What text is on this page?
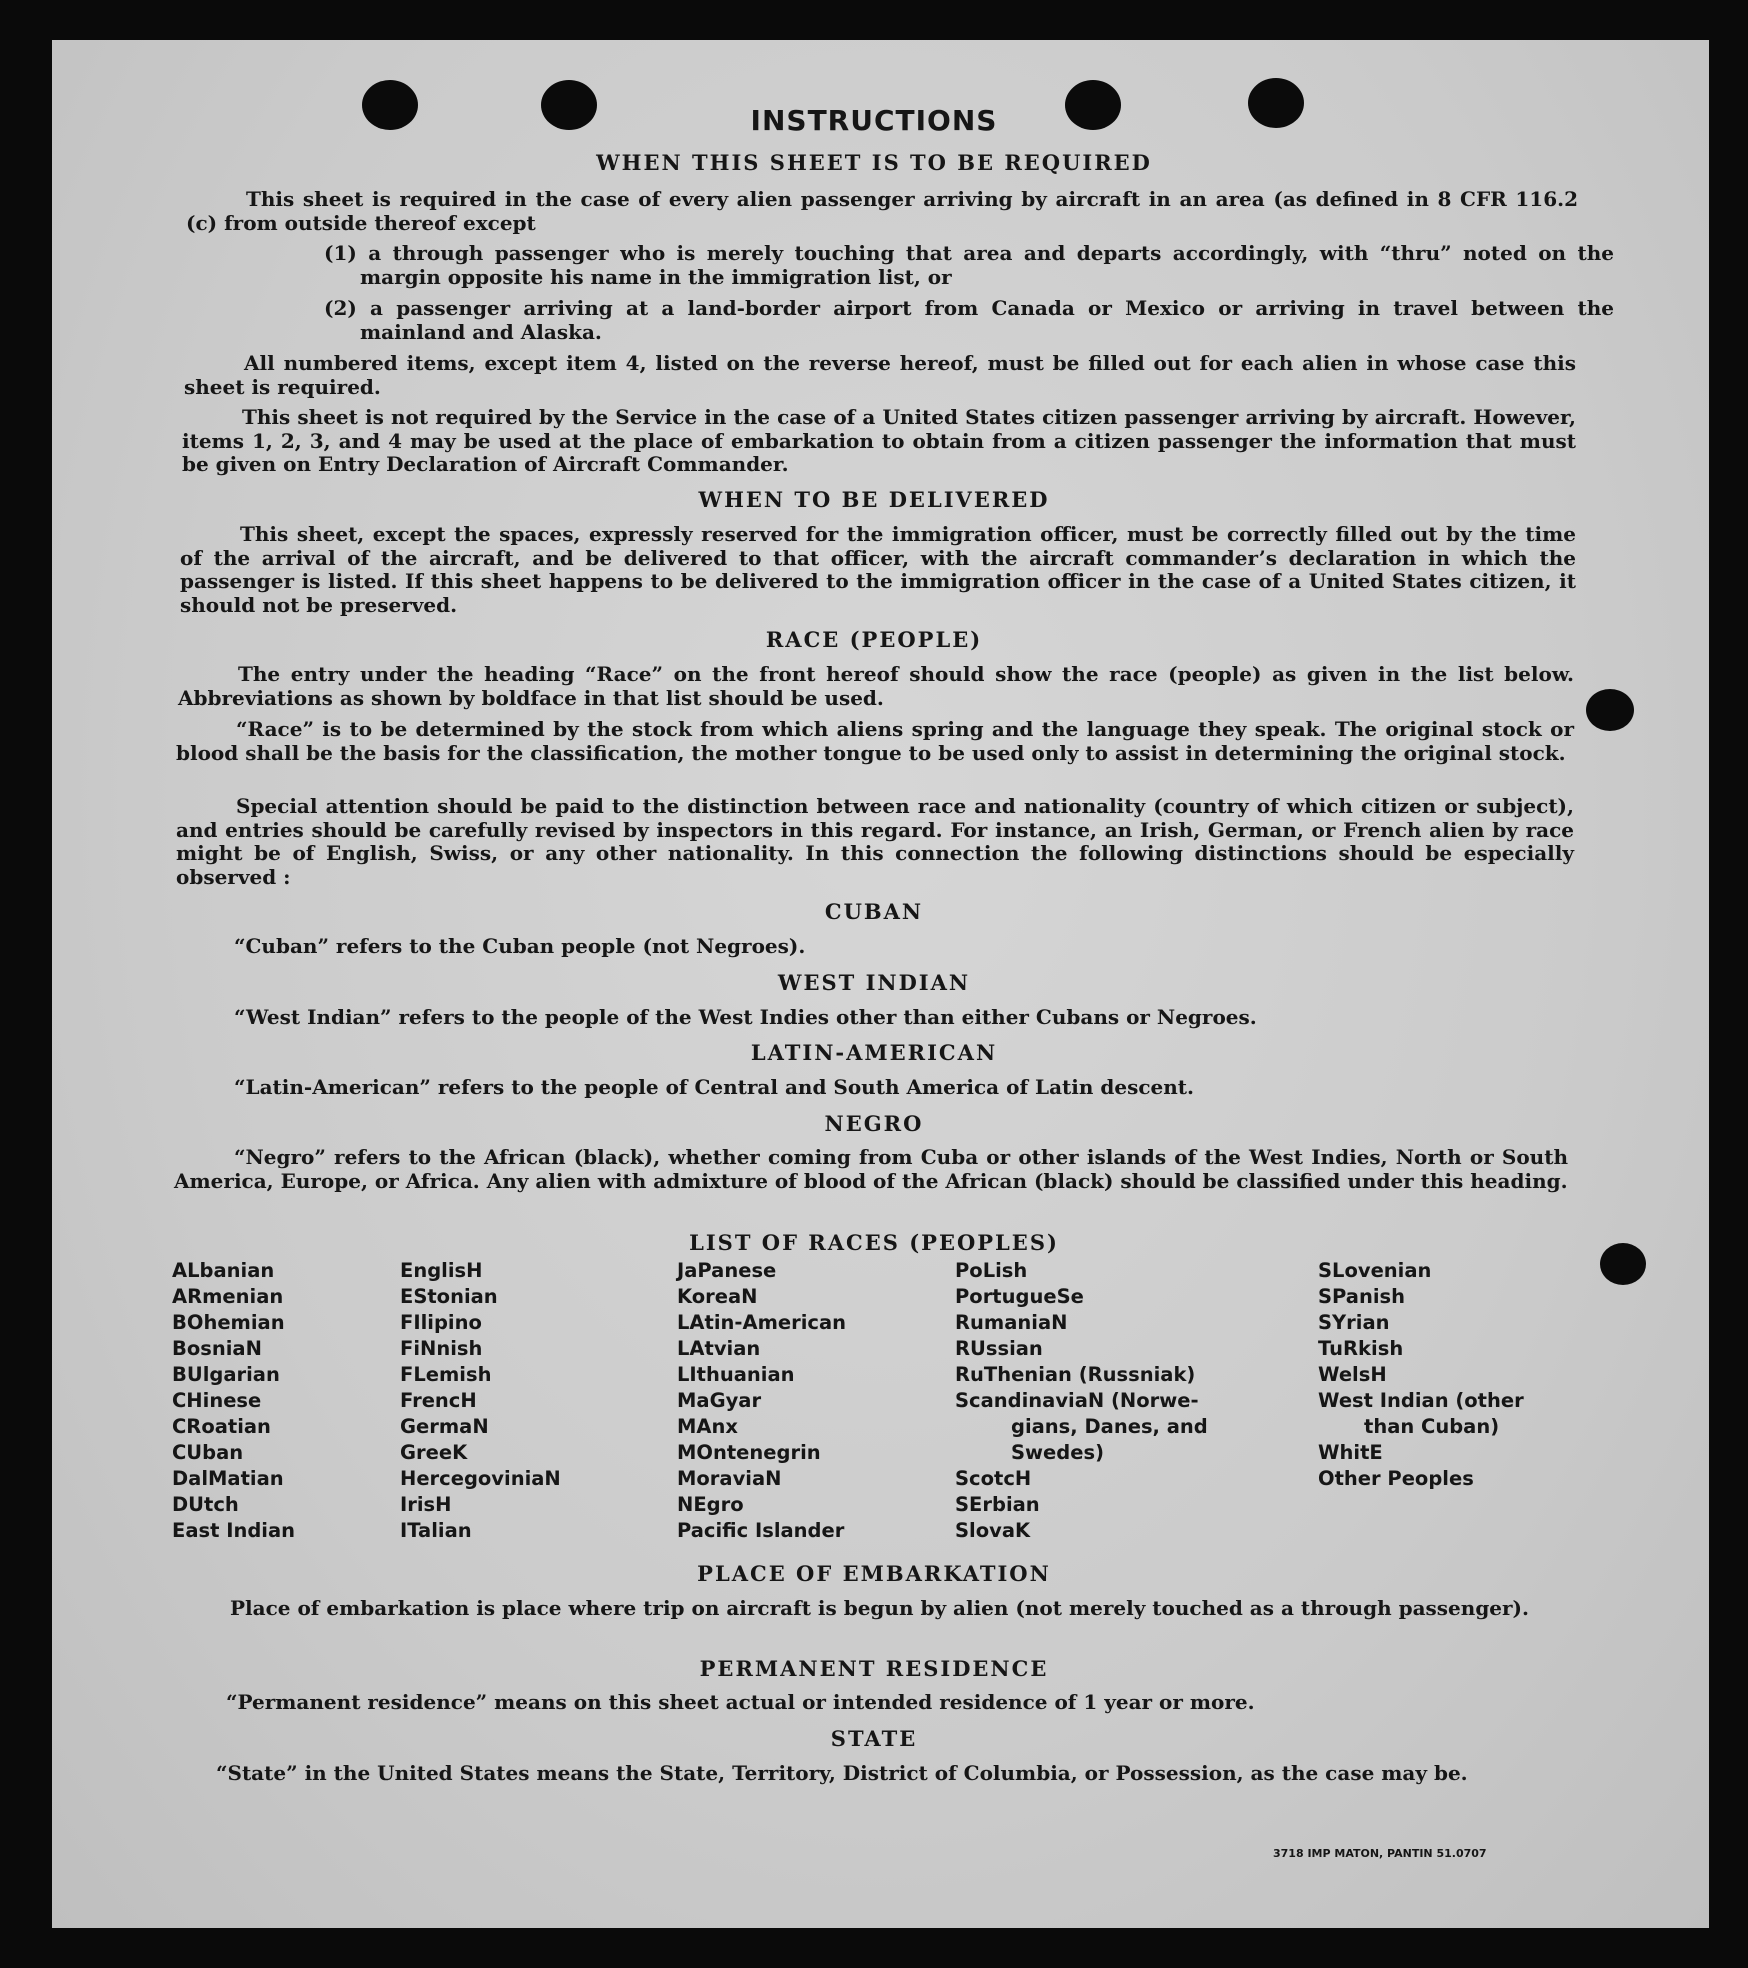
INSTRUCTIONS
WHEN THIS SHEET IS TO BE REQUIRED
This sheet is required in the case of every alien passenger arriving by aircraft in an area (as defined in 8 CFR 116.2 (c) from outside thereof except
(1) a through passenger who is merely touching that area and departs accordingly, with “thru” noted on the margin opposite his name in the immigration list, or
(2) a passenger arriving at a land-border airport from Canada or Mexico or arriving in travel between the mainland and Alaska.
All numbered items, except item 4, listed on the reverse hereof, must be filled out for each alien in whose case this sheet is required.
This sheet is not required by the Service in the case of a United States citizen passenger arriving by aircraft. However, items 1, 2, 3, and 4 may be used at the place of embarkation to obtain from a citizen passenger the information that must be given on Entry Declaration of Aircraft Commander.
WHEN TO BE DELIVERED
This sheet, except the spaces, expressly reserved for the immigration officer, must be correctly filled out by the time of the arrival of the aircraft, and be delivered to that officer, with the aircraft commander’s declaration in which the passenger is listed. If this sheet happens to be delivered to the immigration officer in the case of a United States citizen, it should not be preserved.
RACE (PEOPLE)
The entry under the heading “Race” on the front hereof should show the race (people) as given in the list below. Abbreviations as shown by boldface in that list should be used.
“Race” is to be determined by the stock from which aliens spring and the language they speak. The original stock or blood shall be the basis for the classification, the mother tongue to be used only to assist in determining the original stock.
Special attention should be paid to the distinction between race and nationality (country of which citizen or subject), and entries should be carefully revised by inspectors in this regard. For instance, an Irish, German, or French alien by race might be of English, Swiss, or any other nationality. In this connection the following distinctions should be especially observed :
CUBAN
“Cuban” refers to the Cuban people (not Negroes).
WEST INDIAN
“West Indian” refers to the people of the West Indies other than either Cubans or Negroes.
LATIN-AMERICAN
“Latin-American” refers to the people of Central and South America of Latin descent.
NEGRO
“Negro” refers to the African (black), whether coming from Cuba or other islands of the West Indies, North or South America, Europe, or Africa. Any alien with admixture of blood of the African (black) should be classified under this heading.
LIST OF RACES (PEOPLES)
ALbanian
ARmenian
BOhemian
BosniaN
BUlgarian
CHinese
CRoatian
CUban
DalMatian
DUtch
East Indian
EnglisH
EStonian
FIlipino
FiNnish
FLemish
FrencH
GermaN
GreeK
HercegoviniaN
IrisH
ITalian
JaPanese
KoreaN
LAtin-American
LAtvian
LIthuanian
MaGyar
MAnx
MOntenegrin
MoraviaN
NEgro
Pacific Islander
PoLish
PortugueSe
RumaniaN
RUssian
RuThenian (Russniak)
ScandinaviaN (Norwe-
gians, Danes, and
Swedes)
ScotcH
SErbian
SlovaK
SLovenian
SPanish
SYrian
TuRkish
WelsH
West Indian (other
than Cuban)
WhitE
Other Peoples
PLACE OF EMBARKATION
Place of embarkation is place where trip on aircraft is begun by alien (not merely touched as a through passenger).
PERMANENT RESIDENCE
“Permanent residence” means on this sheet actual or intended residence of 1 year or more.
STATE
“State” in the United States means the State, Territory, District of Columbia, or Possession, as the case may be.
3718 IMP MATON, PANTIN 51.0707
